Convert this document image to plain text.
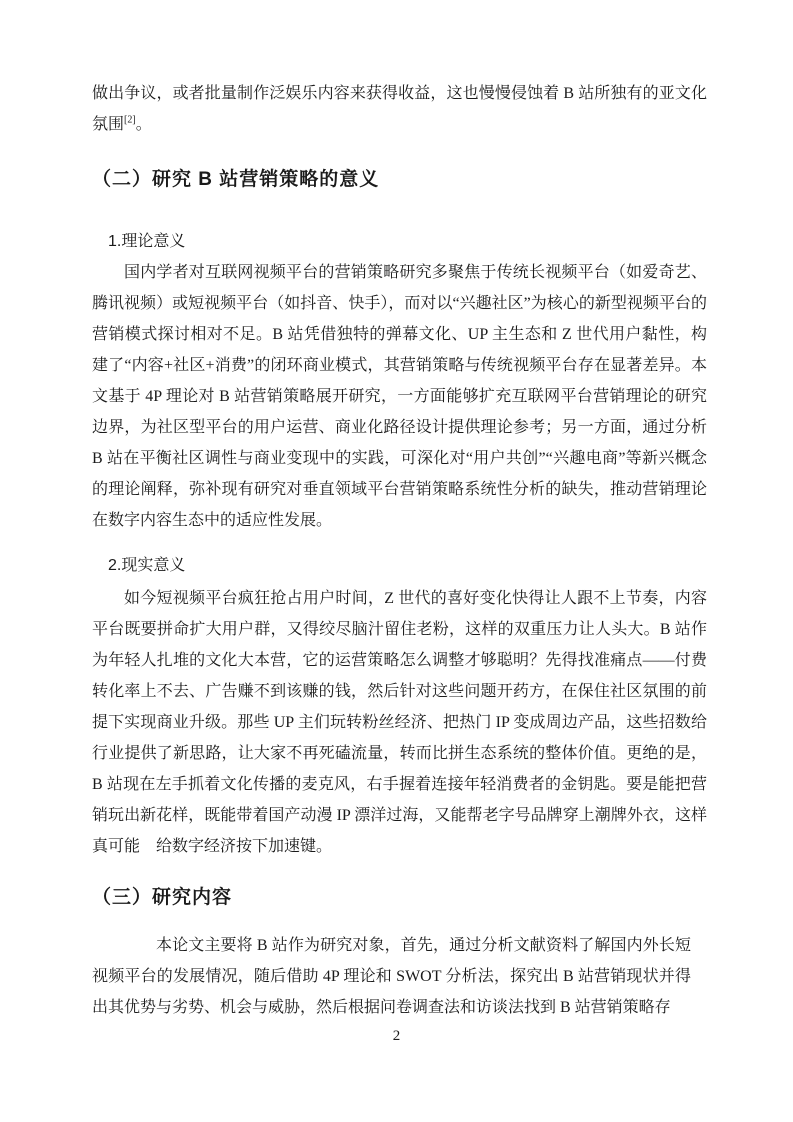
做出争议，或者批量制作泛娱乐内容来获得收益，这也慢慢侵蚀着 B 站所独有的亚文化氛围[2]。

（二）研究 B 站营销策略的意义

1.理论意义

国内学者对互联网视频平台的营销策略研究多聚焦于传统长视频平台（如爱奇艺、腾讯视频）或短视频平台（如抖音、快手），而对以“兴趣社区”为核心的新型视频平台的营销模式探讨相对不足。B 站凭借独特的弹幕文化、UP 主生态和 Z 世代用户黏性，构建了“内容+社区+消费”的闭环商业模式，其营销策略与传统视频平台存在显著差异。本文基于 4P 理论对 B 站营销策略展开研究，一方面能够扩充互联网平台营销理论的研究边界，为社区型平台的用户运营、商业化路径设计提供理论参考；另一方面，通过分析 B 站在平衡社区调性与商业变现中的实践，可深化对“用户共创”“兴趣电商”等新兴概念的理论阐释，弥补现有研究对垂直领域平台营销策略系统性分析的缺失，推动营销理论在数字内容生态中的适应性发展。

2.现实意义

如今短视频平台疯狂抢占用户时间，Z 世代的喜好变化快得让人跟不上节奏，内容平台既要拼命扩大用户群，又得绞尽脑汁留住老粉，这样的双重压力让人头大。B 站作为年轻人扎堆的文化大本营，它的运营策略怎么调整才够聪明？先得找准痛点——付费转化率上不去、广告赚不到该赚的钱，然后针对这些问题开药方，在保住社区氛围的前提下实现商业升级。那些 UP 主们玩转粉丝经济、把热门 IP 变成周边产品，这些招数给行业提供了新思路，让大家不再死磕流量，转而比拼生态系统的整体价值。更绝的是，B 站现在左手抓着文化传播的麦克风，右手握着连接年轻消费者的金钥匙。要是能把营销玩出新花样，既能带着国产动漫 IP 漂洋过海，又能帮老字号品牌穿上潮牌外衣，这样真可能　给数字经济按下加速键。

（三）研究内容

本论文主要将 B 站作为研究对象，首先，通过分析文献资料了解国内外长短视频平台的发展情况，随后借助 4P 理论和 SWOT 分析法，探究出 B 站营销现状并得出其优势与劣势、机会与威胁，然后根据问卷调查法和访谈法找到 B 站营销策略存

2
